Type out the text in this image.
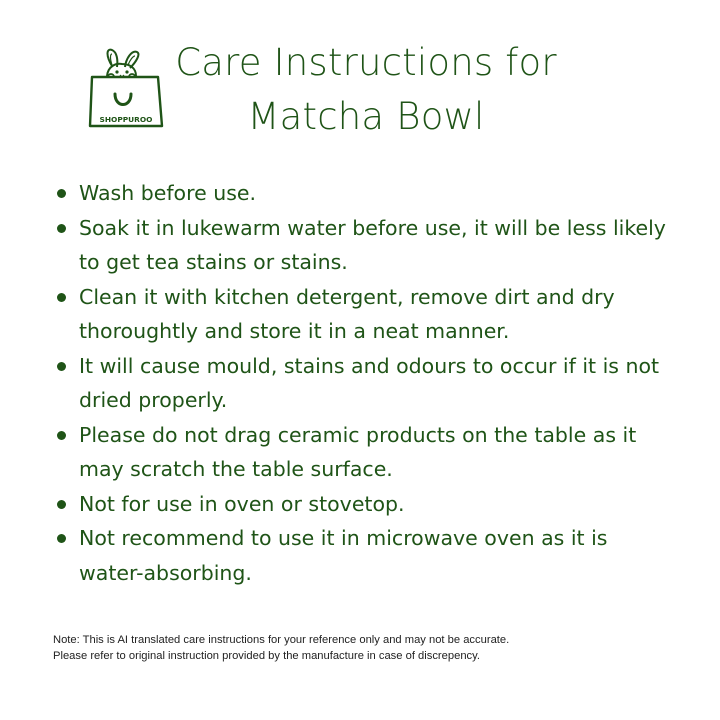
SHOPPUROO
Care Instructions for
Matcha Bowl
Wash before use.
Soak it in lukewarm water before use, it will be less likely to get tea stains or stains.
Clean it with kitchen detergent, remove dirt and dry thoroughtly and store it in a neat manner.
It will cause mould, stains and odours to occur if it is not dried properly.
Please do not drag ceramic products on the table as it may scratch the table surface.
Not for use in oven or stovetop.
Not recommend to use it in microwave oven as it is water-absorbing.
Note: This is AI translated care instructions for your reference only and may not be accurate.
Please refer to original instruction provided by the manufacture in case of discrepency.
